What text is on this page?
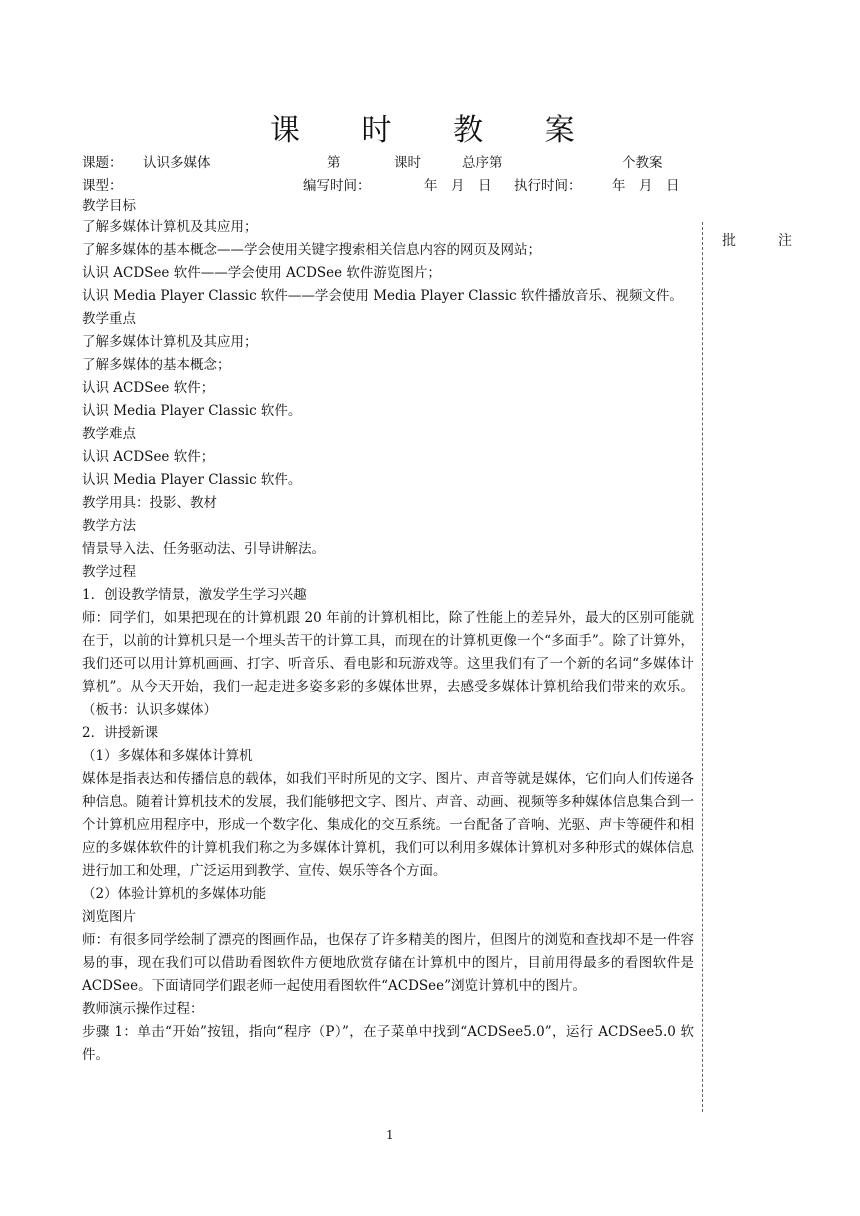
课 时 教 案
课题： 认识多媒体	第	课时	总序第	个教案
课型：	编写时间：	年　月　日 执行时间： 年　月　日
教学目标

了解多媒体计算机及其应用；

了解多媒体的基本概念——学会使用关键字搜索相关信息内容的网页及网站；

认识 ACDSee 软件——学会使用 ACDSee 软件游览图片；

认识 Media Player Classic 软件——学会使用 Media Player Classic 软件播放音乐、视频文件。

教学重点

了解多媒体计算机及其应用；

了解多媒体的基本概念；

认识 ACDSee 软件；

认识 Media Player Classic 软件。

教学难点

认识 ACDSee 软件；

认识 Media Player Classic 软件。

教学用具：投影、教材

教学方法

情景导入法、任务驱动法、引导讲解法。

教学过程

1．创设教学情景，激发学生学习兴趣

师：同学们，如果把现在的计算机跟 20 年前的计算机相比，除了性能上的差异外，最大的区别可能就在于，以前的计算机只是一个埋头苦干的计算工具，而现在的计算机更像一个“多面手”。除了计算外，我们还可以用计算机画画、打字、听音乐、看电影和玩游戏等。这里我们有了一个新的名词“多媒体计算机”。从今天开始，我们一起走进多姿多彩的多媒体世界，去感受多媒体计算机给我们带来的欢乐。（板书：认识多媒体）

2．讲授新课

（1）多媒体和多媒体计算机

媒体是指表达和传播信息的载体，如我们平时所见的文字、图片、声音等就是媒体，它们向人们传递各种信息。随着计算机技术的发展，我们能够把文字、图片、声音、动画、视频等多种媒体信息集合到一个计算机应用程序中，形成一个数字化、集成化的交互系统。一台配备了音响、光驱、声卡等硬件和相应的多媒体软件的计算机我们称之为多媒体计算机，我们可以利用多媒体计算机对多种形式的媒体信息进行加工和处理，广泛运用到教学、宣传、娱乐等各个方面。

（2）体验计算机的多媒体功能

浏览图片

师：有很多同学绘制了漂亮的图画作品，也保存了许多精美的图片，但图片的浏览和查找却不是一件容易的事，现在我们可以借助看图软件方便地欣赏存储在计算机中的图片，目前用得最多的看图软件是 ACDSee。下面请同学们跟老师一起使用看图软件“ACDSee”浏览计算机中的图片。

教师演示操作过程：

步骤 1：单击“开始”按钮，指向“程序（P）”，在子菜单中找到“ACDSee5.0”，运行 ACDSee5.0 软件。

批	注
1
